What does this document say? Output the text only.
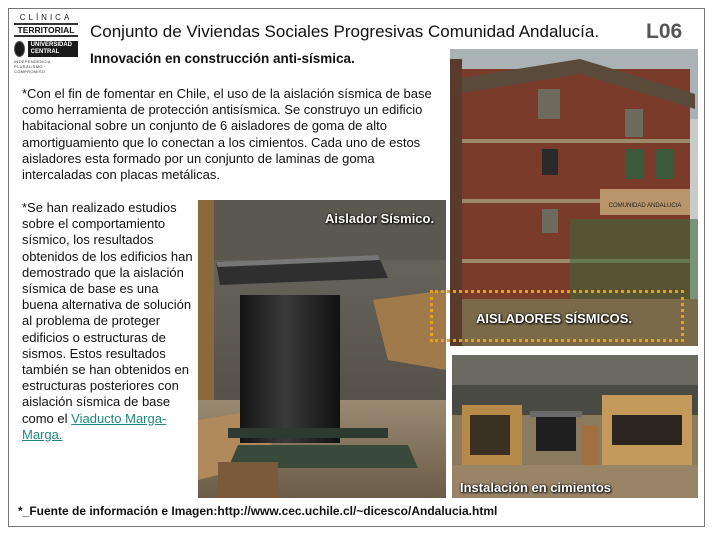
CLÍNICA
TERRITORIAL
UNIVERSIDAD CENTRAL
INDEPENDENCIA · PLURALISMO · COMPROMISO
Conjunto de Viviendas Sociales Progresivas Comunidad Andalucía. L06
Innovación en construcción anti-sísmica.
*Con el fin de fomentar en Chile, el uso de la aislación sísmica de base como herramienta de protección antisísmica. Se construyo un edificio habitacional sobre un conjunto de 6 aisladores de goma de alto amortiguamiento que lo conectan a los cimientos. Cada uno de estos aisladores esta formado por un conjunto de laminas de goma intercaladas con placas metálicas.
*Se han realizado estudios sobre el comportamiento sísmico, los resultados obtenidos de los edificios han demostrado que la aislación sísmica de base es una buena alternativa de solución al problema de proteger edificios o estructuras de sismos. Estos resultados también se han obtenidos en estructuras posteriores con aislación sísmica de base como el Viaducto Marga-Marga.
Aislador Sísmico.
COMUNIDAD ANDALUCIA
AISLADORES SÍSMICOS.
Instalación en cimientos
*_Fuente de información e Imagen:http://www.cec.uchile.cl/~dicesco/Andalucia.html
